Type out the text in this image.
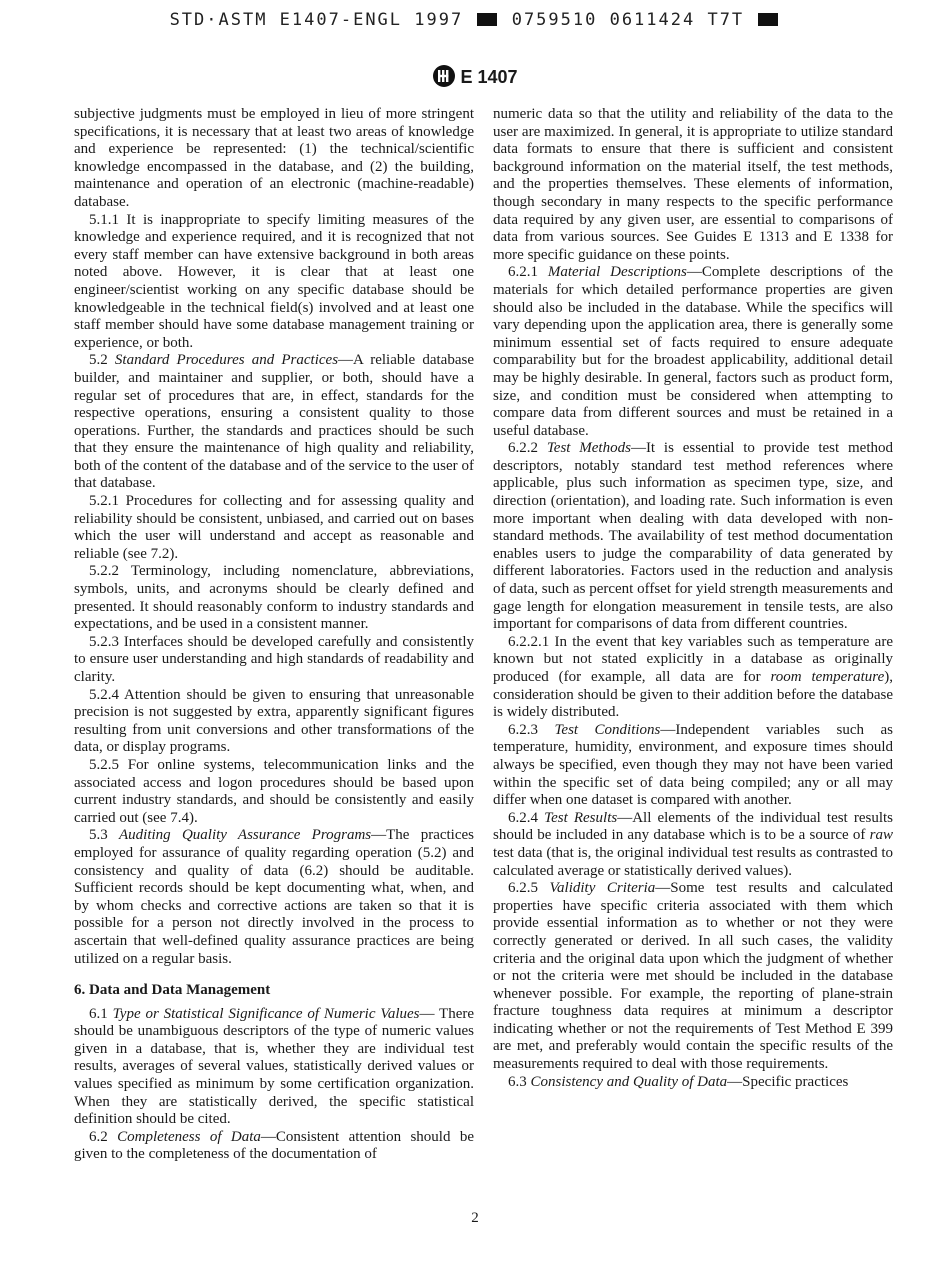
STD·ASTM E1407-ENGL 1997	0759510 0611424 T7T
E 1407

subjective judgments must be employed in lieu of more stringent specifications, it is necessary that at least two areas of knowledge and experience be represented: (1) the technical/scientific knowledge encompassed in the database, and (2) the building, maintenance and operation of an electronic (machine-readable) database.

5.1.1 It is inappropriate to specify limiting measures of the knowledge and experience required, and it is recognized that not every staff member can have extensive background in both areas noted above. However, it is clear that at least one engineer/scientist working on any specific database should be knowledgeable in the technical field(s) involved and at least one staff member should have some database management training or experience, or both.

5.2 Standard Procedures and Practices—A reliable database builder, and maintainer and supplier, or both, should have a regular set of procedures that are, in effect, standards for the respective operations, ensuring a consistent quality to those operations. Further, the standards and practices should be such that they ensure the maintenance of high quality and reliability, both of the content of the database and of the service to the user of that database.

5.2.1 Procedures for collecting and for assessing quality and reliability should be consistent, unbiased, and carried out on bases which the user will understand and accept as reasonable and reliable (see 7.2).

5.2.2 Terminology, including nomenclature, abbreviations, symbols, units, and acronyms should be clearly defined and presented. It should reasonably conform to industry standards and expectations, and be used in a consistent manner.

5.2.3 Interfaces should be developed carefully and consistently to ensure user understanding and high standards of readability and clarity.

5.2.4 Attention should be given to ensuring that unreasonable precision is not suggested by extra, apparently significant figures resulting from unit conversions and other transformations of the data, or display programs.

5.2.5 For online systems, telecommunication links and the associated access and logon procedures should be based upon current industry standards, and should be consistently and easily carried out (see 7.4).

5.3 Auditing Quality Assurance Programs—The practices employed for assurance of quality regarding operation (5.2) and consistency and quality of data (6.2) should be auditable. Sufficient records should be kept documenting what, when, and by whom checks and corrective actions are taken so that it is possible for a person not directly involved in the process to ascertain that well-defined quality assurance practices are being utilized on a regular basis.

6. Data and Data Management

6.1 Type or Statistical Significance of Numeric Values— There should be unambiguous descriptors of the type of numeric values given in a database, that is, whether they are individual test results, averages of several values, statistically derived values or values specified as minimum by some certification organization. When they are statistically derived, the specific statistical definition should be cited.

6.2 Completeness of Data—Consistent attention should be given to the completeness of the documentation of

numeric data so that the utility and reliability of the data to the user are maximized. In general, it is appropriate to utilize standard data formats to ensure that there is sufficient and consistent background information on the material itself, the test methods, and the properties themselves. These elements of information, though secondary in many respects to the specific performance data required by any given user, are essential to comparisons of data from various sources. See Guides E 1313 and E 1338 for more specific guidance on these points.

6.2.1 Material Descriptions—Complete descriptions of the materials for which detailed performance properties are given should also be included in the database. While the specifics will vary depending upon the application area, there is generally some minimum essential set of facts required to ensure adequate comparability but for the broadest applicability, additional detail may be highly desirable. In general, factors such as product form, size, and condition must be considered when attempting to compare data from different sources and must be retained in a useful database.

6.2.2 Test Methods—It is essential to provide test method descriptors, notably standard test method references where applicable, plus such information as specimen type, size, and direction (orientation), and loading rate. Such information is even more important when dealing with data developed with non-standard methods. The availability of test method documentation enables users to judge the comparability of data generated by different laboratories. Factors used in the reduction and analysis of data, such as percent offset for yield strength measurements and gage length for elongation measurement in tensile tests, are also important for comparisons of data from different countries.

6.2.2.1 In the event that key variables such as temperature are known but not stated explicitly in a database as originally produced (for example, all data are for room temperature), consideration should be given to their addition before the database is widely distributed.

6.2.3 Test Conditions—Independent variables such as temperature, humidity, environment, and exposure times should always be specified, even though they may not have been varied within the specific set of data being compiled; any or all may differ when one dataset is compared with another.

6.2.4 Test Results—All elements of the individual test results should be included in any database which is to be a source of raw test data (that is, the original individual test results as contrasted to calculated average or statistically derived values).

6.2.5 Validity Criteria—Some test results and calculated properties have specific criteria associated with them which provide essential information as to whether or not they were correctly generated or derived. In all such cases, the validity criteria and the original data upon which the judgment of whether or not the criteria were met should be included in the database whenever possible. For example, the reporting of plane-strain fracture toughness data requires at minimum a descriptor indicating whether or not the requirements of Test Method E 399 are met, and preferably would contain the specific results of the measurements required to deal with those requirements.

6.3 Consistency and Quality of Data—Specific practices

2
